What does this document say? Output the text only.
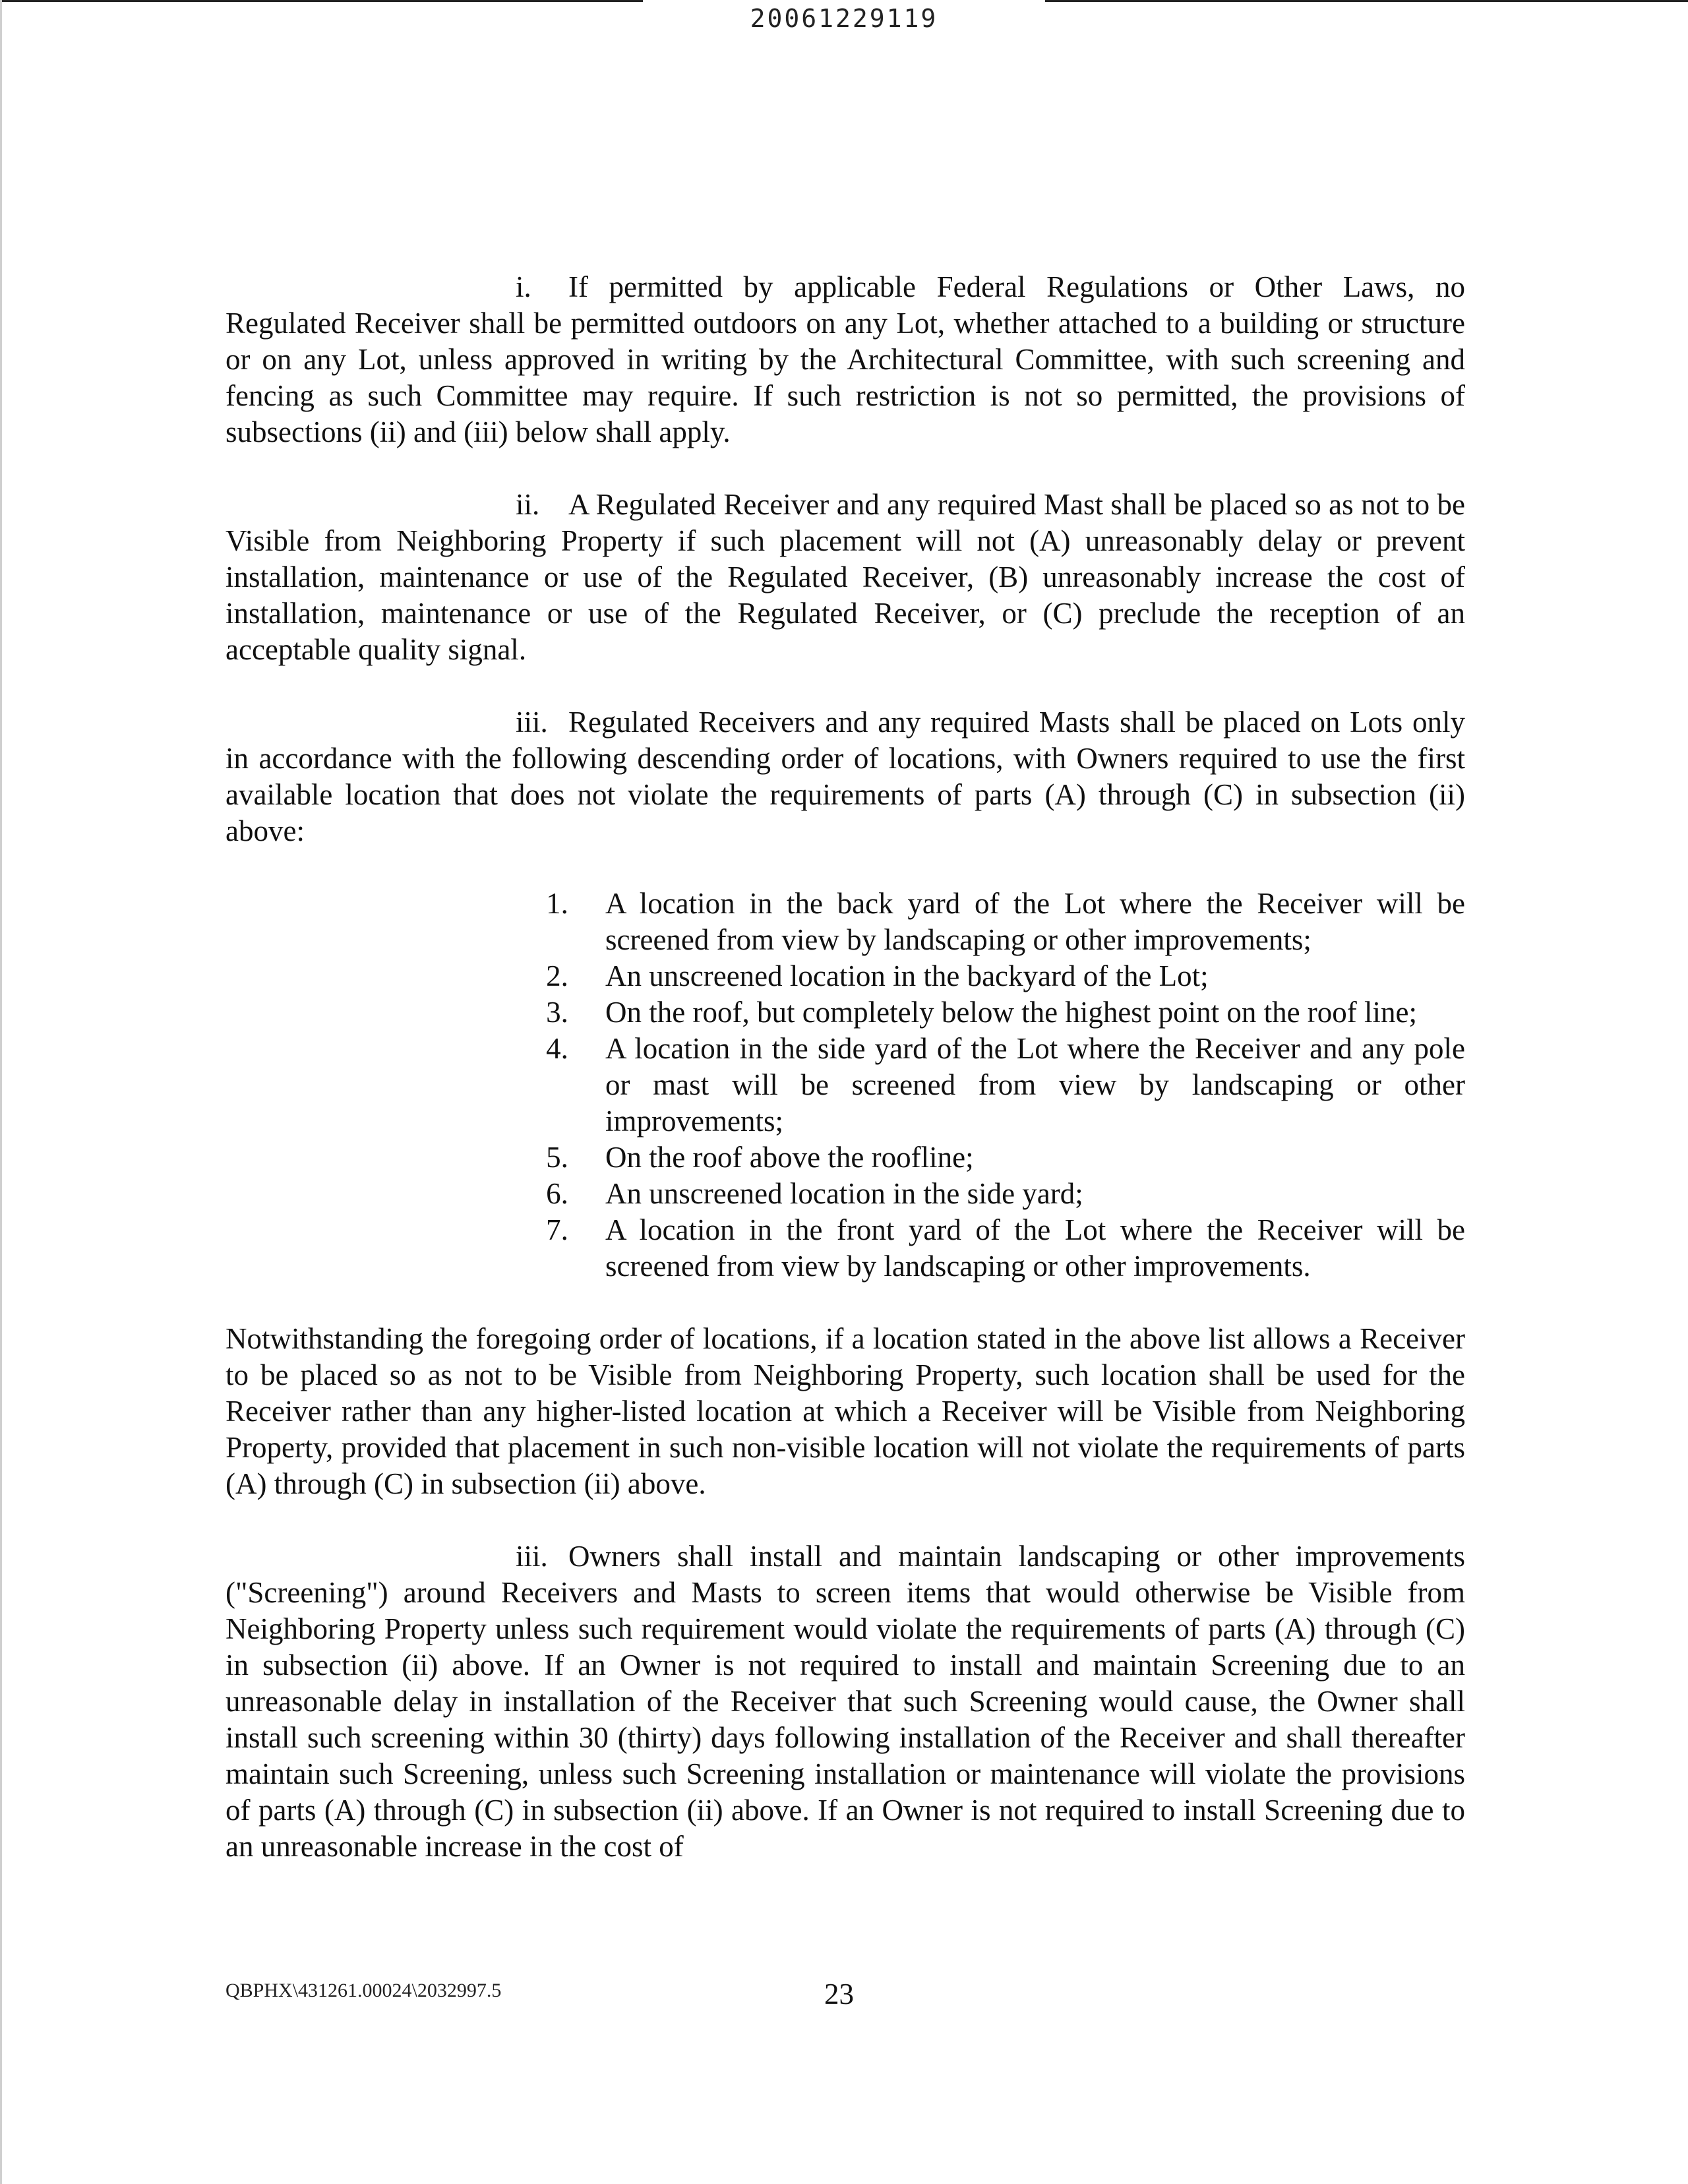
20061229119

i. If permitted by applicable Federal Regulations or Other Laws, no Regulated Receiver shall be permitted outdoors on any Lot, whether attached to a building or structure or on any Lot, unless approved in writing by the Architectural Committee, with such screening and fencing as such Committee may require. If such restriction is not so permitted, the provisions of subsections (ii) and (iii) below shall apply.

ii. A Regulated Receiver and any required Mast shall be placed so as not to be Visible from Neighboring Property if such placement will not (A) unreasonably delay or prevent installation, maintenance or use of the Regulated Receiver, (B) unreasonably increase the cost of installation, maintenance or use of the Regulated Receiver, or (C) preclude the reception of an acceptable quality signal.

iii. Regulated Receivers and any required Masts shall be placed on Lots only in accordance with the following descending order of locations, with Owners required to use the first available location that does not violate the requirements of parts (A) through (C) in subsection (ii) above:

1.	A location in the back yard of the Lot where the Receiver will be screened from view by landscaping or other improvements;
2.	An unscreened location in the backyard of the Lot;
3.	On the roof, but completely below the highest point on the roof line;
4.	A location in the side yard of the Lot where the Receiver and any pole or mast will be screened from view by landscaping or other improvements;
5.	On the roof above the roofline;
6.	An unscreened location in the side yard;
7.	A location in the front yard of the Lot where the Receiver will be screened from view by landscaping or other improvements.

Notwithstanding the foregoing order of locations, if a location stated in the above list allows a Receiver to be placed so as not to be Visible from Neighboring Property, such location shall be used for the Receiver rather than any higher-listed location at which a Receiver will be Visible from Neighboring Property, provided that placement in such non-visible location will not violate the requirements of parts (A) through (C) in subsection (ii) above.

iii. Owners shall install and maintain landscaping or other improvements ("Screening") around Receivers and Masts to screen items that would otherwise be Visible from Neighboring Property unless such requirement would violate the requirements of parts (A) through (C) in subsection (ii) above. If an Owner is not required to install and maintain Screening due to an unreasonable delay in installation of the Receiver that such Screening would cause, the Owner shall install such screening within 30 (thirty) days following installation of the Receiver and shall thereafter maintain such Screening, unless such Screening installation or maintenance will violate the provisions of parts (A) through (C) in subsection (ii) above. If an Owner is not required to install Screening due to an unreasonable increase in the cost of

QBPHX\431261.00024\2032997.5	23
